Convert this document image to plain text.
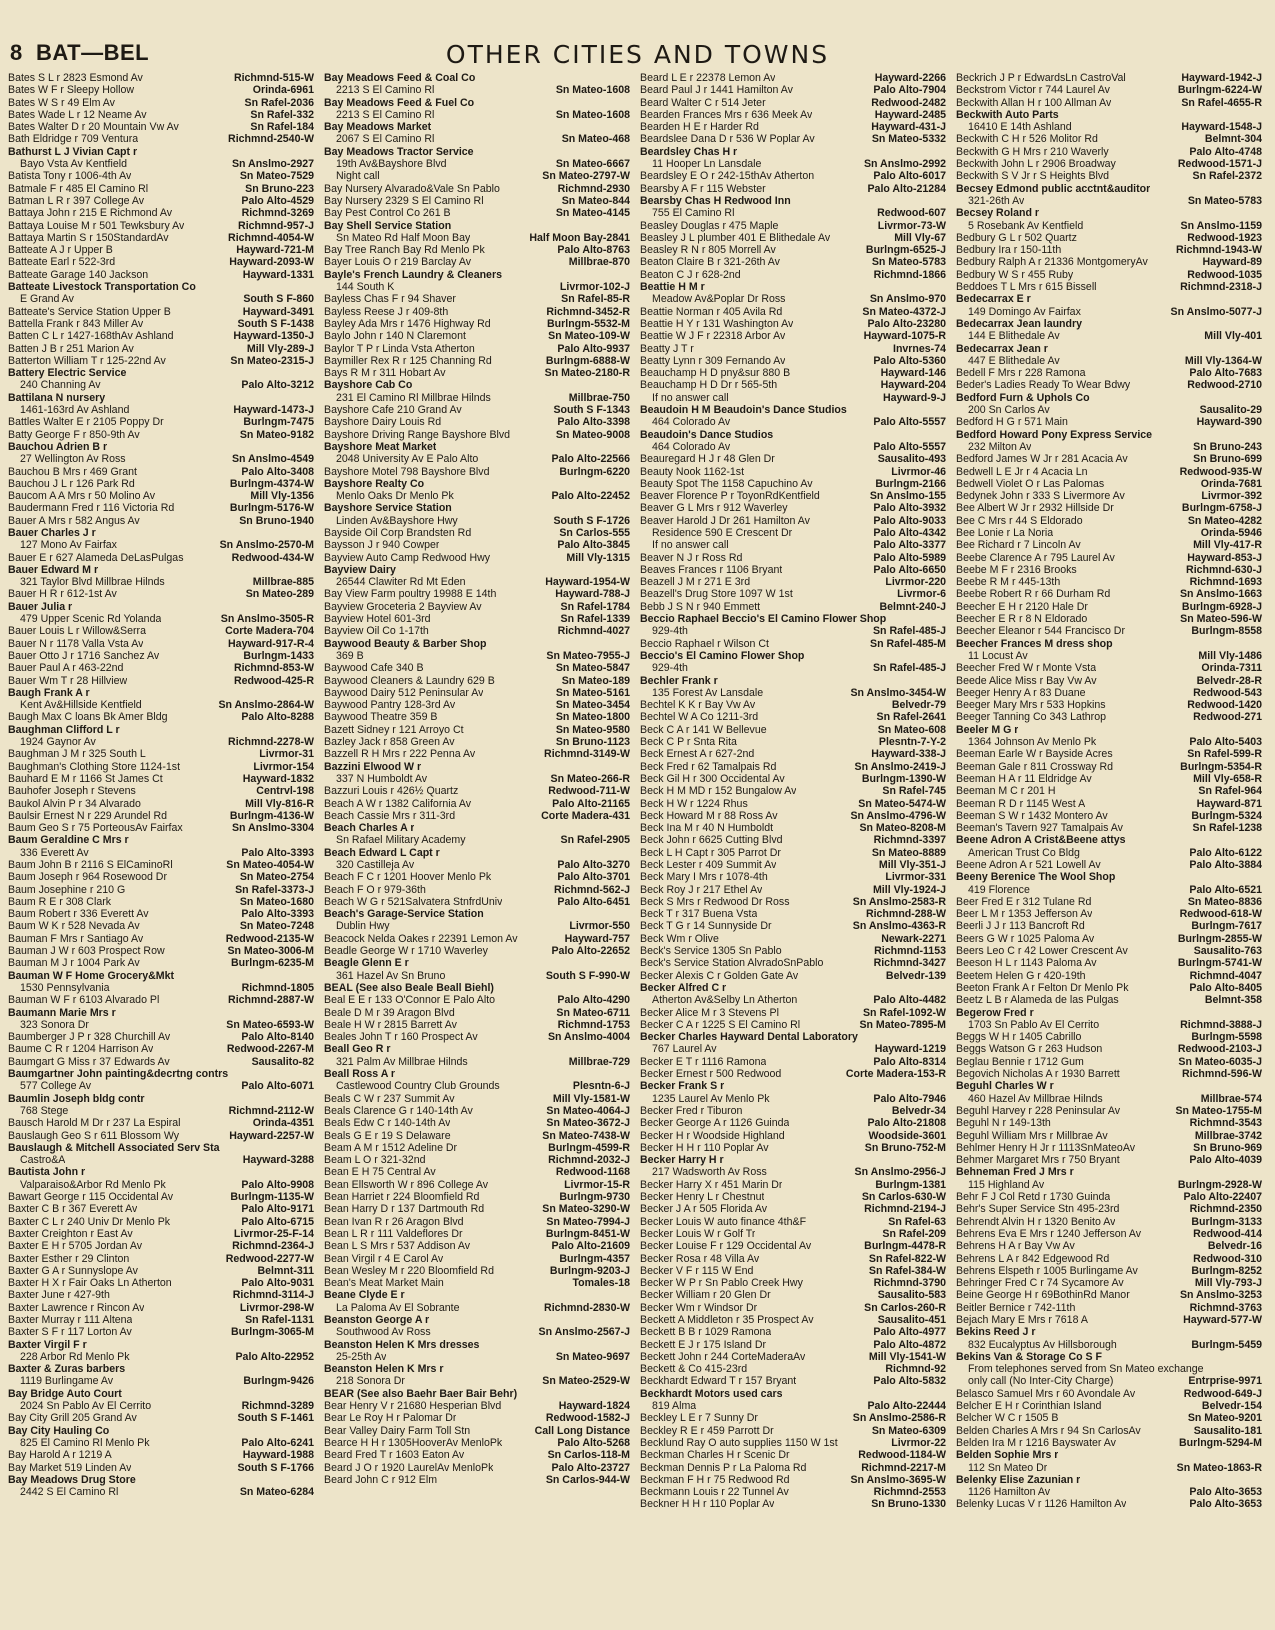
8 BAT—BEL	OTHER CITIES AND TOWNS
Bates S L r 2823 Esmond Av	Richmnd-515-W
Bates W F r Sleepy Hollow	Orinda-6961
Bates W S r 49 Elm Av	Sn Rafel-2036
Bates Wade L r 12 Neame Av	Sn Rafel-332
Bates Walter D r 20 Mountain Vw Av	Sn Rafel-184
Bath Eldridge r 709 Ventura	Richmnd-2540-W
Bathurst L J Vivian Capt r
Bayo Vsta Av Kentfield	Sn Anslmo-2927
Batista Tony r 1006-4th Av	Sn Mateo-7529
Batmale F r 485 El Camino Rl	Sn Bruno-223
Batman L R r 397 College Av	Palo Alto-4529
Battaya John r 215 E Richmond Av	Richmnd-3269
Battaya Louise M r 501 Tewksbury Av	Richmnd-957-J
Battaya Martin S r 150StandardAv	Richmnd-4054-W
Batteate A J r Upper B	Hayward-721-M
Batteate Earl r 522-3rd	Hayward-2093-W
Batteate Garage 140 Jackson	Hayward-1331
Batteate Livestock Transportation Co
E Grand Av	South S F-860
Batteate's Service Station Upper B	Hayward-3491
Battella Frank r 843 Miller Av	South S F-1438
Batten C L r 1427-168thAv Ashland	Hayward-1350-J
Batten J B r 251 Marion Av	Mill Vly-289-J
Batterton William T r 125-22nd Av	Sn Mateo-2315-J
Battery Electric Service
240 Channing Av	Palo Alto-3212
Battilana N nursery
1461-163rd Av Ashland	Hayward-1473-J
Battles Walter E r 2105 Poppy Dr	Burlngm-7475
Batty George F r 850-9th Av	Sn Mateo-9182
Bauchou Adrien B r
27 Wellington Av Ross	Sn Anslmo-4549
Bauchou B Mrs r 469 Grant	Palo Alto-3408
Bauchou J L r 126 Park Rd	Burlngm-4374-W
Baucom A A Mrs r 50 Molino Av	Mill Vly-1356
Baudermann Fred r 116 Victoria Rd	Burlngm-5176-W
Bauer A Mrs r 582 Angus Av	Sn Bruno-1940
Bauer Charles J r
127 Mono Av Fairfax	Sn Anslmo-2570-M
Bauer E r 627 Alameda DeLasPulgas	Redwood-434-W
Bauer Edward M r
321 Taylor Blvd Millbrae Hilnds	Millbrae-885
Bauer H R r 612-1st Av	Sn Mateo-289
Bauer Julia r
479 Upper Scenic Rd Yolanda	Sn Anslmo-3505-R
Bauer Louis L r Willow&Serra	Corte Madera-704
Bauer N r 1178 Valla Vsta Av	Hayward-917-R-4
Bauer Otto J r 1716 Sanchez Av	Burlngm-1433
Bauer Paul A r 463-22nd	Richmnd-853-W
Bauer Wm T r 28 Hillview	Redwood-425-R
Baugh Frank A r
Kent Av&Hillside Kentfield	Sn Anslmo-2864-W
Baugh Max C loans Bk Amer Bldg	Palo Alto-8288
Baughman Clifford L r
1924 Gaynor Av	Richmnd-2278-W
Baughman J M r 325 South L	Livrmor-31
Baughman's Clothing Store 1124-1st	Livrmor-154
Bauhard E M r 1166 St James Ct	Hayward-1832
Bauhofer Joseph r Stevens	Centrvl-198
Baukol Alvin P r 34 Alvarado	Mill Vly-816-R
Baulsir Ernest N r 229 Arundel Rd	Burlngm-4136-W
Baum Geo S r 75 PorteousAv Fairfax	Sn Anslmo-3304
Baum Geraldine C Mrs r
336 Everett Av	Palo Alto-3393
Baum John B r 2116 S ElCaminoRl	Sn Mateo-4054-W
Baum Joseph r 964 Rosewood Dr	Sn Mateo-2754
Baum Josephine r 210 G	Sn Rafel-3373-J
Baum R E r 308 Clark	Sn Mateo-1680
Baum Robert r 336 Everett Av	Palo Alto-3393
Baum W K r 528 Nevada Av	Sn Mateo-7248
Bauman F Mrs r Santiago Av	Redwood-2135-W
Bauman J W r 603 Prospect Row	Sn Mateo-3006-M
Bauman M J r 1004 Park Av	Burlngm-6235-M
Bauman W F Home Grocery&Mkt
1530 Pennsylvania	Richmnd-1805
Bauman W F r 6103 Alvarado Pl	Richmnd-2887-W
Baumann Marie Mrs r
323 Sonora Dr	Sn Mateo-6593-W
Baumberger J P r 328 Churchill Av	Palo Alto-8140
Baume C R r 1204 Harrison Av	Redwood-2267-M
Baumgart G Miss r 37 Edwards Av	Sausalito-82
Baumgartner John painting&decrtng contrs
577 College Av	Palo Alto-6071
Baumlin Joseph bldg contr
768 Stege	Richmnd-2112-W
Bausch Harold M Dr r 237 La Espiral	Orinda-4351
Bauslaugh Geo S r 611 Blossom Wy	Hayward-2257-W
Bauslaugh & Mitchell Associated Serv Sta
Castro&A	Hayward-3288
Bautista John r
Valparaiso&Arbor Rd Menlo Pk	Palo Alto-9908
Bawart George r 115 Occidental Av	Burlngm-1135-W
Baxter C B r 367 Everett Av	Palo Alto-9171
Baxter C L r 240 Univ Dr Menlo Pk	Palo Alto-6715
Baxter Creighton r East Av	Livrmor-25-F-14
Baxter E H r 5705 Jordan Av	Richmnd-2364-J
Baxter Esther r 29 Clinton	Redwood-2277-W
Baxter G A r Sunnyslope Av	Belmnt-311
Baxter H X r Fair Oaks Ln Atherton	Palo Alto-9031
Baxter June r 427-9th	Richmnd-3114-J
Baxter Lawrence r Rincon Av	Livrmor-298-W
Baxter Murray r 111 Altena	Sn Rafel-1131
Baxter S F r 117 Lorton Av	Burlngm-3065-M
Baxter Virgil F r
228 Arbor Rd Menlo Pk	Palo Alto-22952
Baxter & Zuras barbers
1119 Burlingame Av	Burlngm-9426
Bay Bridge Auto Court
2024 Sn Pablo Av El Cerrito	Richmnd-3289
Bay City Grill 205 Grand Av	South S F-1461
Bay City Hauling Co
825 El Camino Rl Menlo Pk	Palo Alto-6241
Bay Harold A r 1219 A	Hayward-1988
Bay Market 519 Linden Av	South S F-1766
Bay Meadows Drug Store
2442 S El Camino Rl	Sn Mateo-6284
Bay Meadows Feed & Coal Co
2213 S El Camino Rl	Sn Mateo-1608
Bay Meadows Feed & Fuel Co
2213 S El Camino Rl	Sn Mateo-1608
Bay Meadows Market
2067 S El Camino Rl	Sn Mateo-468
Bay Meadows Tractor Service
19th Av&Bayshore Blvd	Sn Mateo-6667
Night call	Sn Mateo-2797-W
Bay Nursery Alvarado&Vale Sn Pablo	Richmnd-2930
Bay Nursery 2329 S El Camino Rl	Sn Mateo-844
Bay Pest Control Co 261 B	Sn Mateo-4145
Bay Shell Service Station
Sn Mateo Rd Half Moon Bay	Half Moon Bay-2841
Bay Tree Ranch Bay Rd Menlo Pk	Palo Alto-8763
Bayer Louis O r 219 Barclay Av	Millbrae-870
Bayle's French Laundry & Cleaners
144 South K	Livrmor-102-J
Bayless Chas F r 94 Shaver	Sn Rafel-85-R
Bayless Reese J r 409-8th	Richmnd-3452-R
Bayley Ada Mrs r 1476 Highway Rd	Burlngm-5532-M
Baylo John r 140 N Claremont	Sn Mateo-109-W
Baylor T P r Linda Vsta Atherton	Palo Alto-9937
Baymiller Rex R r 125 Channing Rd	Burlngm-6888-W
Bays R M r 311 Hobart Av	Sn Mateo-2180-R
Bayshore Cab Co
231 El Camino Rl Millbrae Hilnds	Millbrae-750
Bayshore Cafe 210 Grand Av	South S F-1343
Bayshore Dairy Louis Rd	Palo Alto-3398
Bayshore Driving Range Bayshore Blvd	Sn Mateo-9008
Bayshore Meat Market
2048 University Av E Palo Alto	Palo Alto-22566
Bayshore Motel 798 Bayshore Blvd	Burlngm-6220
Bayshore Realty Co
Menlo Oaks Dr Menlo Pk	Palo Alto-22452
Bayshore Service Station
Linden Av&Bayshore Hwy	South S F-1726
Bayside Oil Corp Brandsten Rd	Sn Carlos-555
Baysson J r 940 Cowper	Palo Alto-3845
Bayview Auto Camp Redwood Hwy	Mill Vly-1315
Bayview Dairy
26544 Clawiter Rd Mt Eden	Hayward-1954-W
Bay View Farm poultry 19988 E 14th	Hayward-788-J
Bayview Groceteria 2 Bayview Av	Sn Rafel-1784
Bayview Hotel 601-3rd	Sn Rafel-1339
Bayview Oil Co 1-17th	Richmnd-4027
Baywood Beauty & Barber Shop
369 B	Sn Mateo-7955-J
Baywood Cafe 340 B	Sn Mateo-5847
Baywood Cleaners & Laundry 629 B	Sn Mateo-189
Baywood Dairy 512 Peninsular Av	Sn Mateo-5161
Baywood Pantry 128-3rd Av	Sn Mateo-3454
Baywood Theatre 359 B	Sn Mateo-1800
Bazett Sidney r 121 Arroyo Ct	Sn Mateo-9580
Bazley Jack r 858 Green Av	Sn Bruno-1123
Bazzell R H Mrs r 222 Penna Av	Richmnd-3149-W
Bazzini Elwood W r
337 N Humboldt Av	Sn Mateo-266-R
Bazzuri Louis r 426½ Quartz	Redwood-711-W
Beach A W r 1382 California Av	Palo Alto-21165
Beach Cassie Mrs r 311-3rd	Corte Madera-431
Beach Charles A r
Sn Rafael Military Academy	Sn Rafel-2905
Beach Edward L Capt r
320 Castilleja Av	Palo Alto-3270
Beach F C r 1201 Hoover Menlo Pk	Palo Alto-3701
Beach F O r 979-36th	Richmnd-562-J
Beach W G r 521Salvatera StnfrdUniv	Palo Alto-6451
Beach's Garage-Service Station
Dublin Hwy	Livrmor-550
Beacock Nelda Oakes r 22391 Lemon Av	Hayward-757
Beadle George W r 1710 Waverley	Palo Alto-22652
Beagle Glenn E r
361 Hazel Av Sn Bruno	South S F-990-W
BEAL (See also Beale Beall Biehl)
Beal E E r 133 O'Connor E Palo Alto	Palo Alto-4290
Beale D M r 39 Aragon Blvd	Sn Mateo-6711
Beale H W r 2815 Barrett Av	Richmnd-1753
Beales John T r 160 Prospect Av	Sn Anslmo-4004
Beall Geo R r
321 Palm Av Millbrae Hilnds	Millbrae-729
Beall Ross A r
Castlewood Country Club Grounds	Plesntn-6-J
Beals C W r 237 Summit Av	Mill Vly-1581-W
Beals Clarence G r 140-14th Av	Sn Mateo-4064-J
Beals Edw C r 140-14th Av	Sn Mateo-3672-J
Beals G E r 19 S Delaware	Sn Mateo-7438-W
Beam A M r 1512 Adeline Dr	Burlngm-4599-R
Beam L O r 321-32nd	Richmnd-2032-J
Bean E H 75 Central Av	Redwood-1168
Bean Ellsworth W r 896 College Av	Livrmor-15-R
Bean Harriet r 224 Bloomfield Rd	Burlngm-9730
Bean Harry D r 137 Dartmouth Rd	Sn Mateo-3290-W
Bean Ivan R r 26 Aragon Blvd	Sn Mateo-7994-J
Bean L R r 111 Valdeflores Dr	Burlngm-8451-W
Bean L S Mrs r 537 Addison Av	Palo Alto-21609
Bean Virgil r 4 E Carol Av	Burlngm-4357
Bean Wesley M r 220 Bloomfield Rd	Burlngm-9203-J
Bean's Meat Market Main	Tomales-18
Beane Clyde E r
La Paloma Av El Sobrante	Richmnd-2830-W
Beanston George A r
Southwood Av Ross	Sn Anslmo-2567-J
Beanston Helen K Mrs dresses
25-25th Av	Sn Mateo-9697
Beanston Helen K Mrs r
218 Sonora Dr	Sn Mateo-2529-W
BEAR (See also Baehr Baer Bair Behr)
Bear Henry V r 21680 Hesperian Blvd	Hayward-1824
Bear Le Roy H r Palomar Dr	Redwood-1582-J
Bear Valley Dairy Farm Toll Stn	Call Long Distance
Bearce H H r 1305HooverAv MenloPk	Palo Alto-5268
Beard Fred T r 1603 Eaton Av	Sn Carlos-118-M
Beard J O r 1920 LaurelAv MenloPk	Palo Alto-23727
Beard John C r 912 Elm	Sn Carlos-944-W
Beard L E r 22378 Lemon Av	Hayward-2266
Beard Paul J r 1441 Hamilton Av	Palo Alto-7904
Beard Walter C r 514 Jeter	Redwood-2482
Bearden Frances Mrs r 636 Meek Av	Hayward-2485
Bearden H E r Harder Rd	Hayward-431-J
Beardslee Dana D r 536 W Poplar Av	Sn Mateo-5332
Beardsley Chas H r
11 Hooper Ln Lansdale	Sn Anslmo-2992
Beardsley E O r 242-15thAv Atherton	Palo Alto-6017
Bearsby A F r 115 Webster	Palo Alto-21284
Bearsby Chas H Redwood Inn
755 El Camino Rl	Redwood-607
Beasley Douglas r 475 Maple	Livrmor-73-W
Beasley J L plumber 401 E Blithedale Av	Mill Vly-67
Beasley R N r 805 Morrell Av	Burlngm-6525-J
Beaton Claire B r 321-26th Av	Sn Mateo-5783
Beaton C J r 628-2nd	Richmnd-1866
Beattie H M r
Meadow Av&Poplar Dr Ross	Sn Anslmo-970
Beattie Norman r 405 Avila Rd	Sn Mateo-4372-J
Beattie H Y r 131 Washington Av	Palo Alto-23280
Beattie W J F r 22318 Arbor Av	Hayward-1075-R
Beatty J T r	Invrnes-74
Beatty Lynn r 309 Fernando Av	Palo Alto-5360
Beauchamp H D pny&sur 880 B	Hayward-146
Beauchamp H D Dr r 565-5th	Hayward-204
If no answer call	Hayward-9-J
Beaudoin H M Beaudoin's Dance Studios
464 Colorado Av	Palo Alto-5557
Beaudoin's Dance Studios
464 Colorado Av	Palo Alto-5557
Beauregard H J r 48 Glen Dr	Sausalito-493
Beauty Nook 1162-1st	Livrmor-46
Beauty Spot The 1158 Capuchino Av	Burlngm-2166
Beaver Florence P r ToyonRdKentfield	Sn Anslmo-155
Beaver G L Mrs r 912 Waverley	Palo Alto-3932
Beaver Harold J Dr 261 Hamilton Av	Palo Alto-9033
Residence 590 E Crescent Dr	Palo Alto-4342
If no answer call	Palo Alto-3377
Beaver N J r Ross Rd	Palo Alto-5989
Beaves Frances r 1106 Bryant	Palo Alto-6650
Beazell J M r 271 E 3rd	Livrmor-220
Beazell's Drug Store 1097 W 1st	Livrmor-6
Bebb J S N r 940 Emmett	Belmnt-240-J
Beccio Raphael Beccio's El Camino Flower Shop
929-4th	Sn Rafel-485-J
Beccio Raphael r Wilson Ct	Sn Rafel-485-M
Beccio's El Camino Flower Shop
929-4th	Sn Rafel-485-J
Bechler Frank r
135 Forest Av Lansdale	Sn Anslmo-3454-W
Bechtel K K r Bay Vw Av	Belvedr-79
Bechtel W A Co 1211-3rd	Sn Rafel-2641
Beck C A r 141 W Bellevue	Sn Mateo-608
Beck C P r Snta Rita	Plesntn-7-Y-2
Beck Ernest A r 627-2nd	Hayward-338-J
Beck Fred r 62 Tamalpais Rd	Sn Anslmo-2419-J
Beck Gil H r 300 Occidental Av	Burlngm-1390-W
Beck H M MD r 152 Bungalow Av	Sn Rafel-745
Beck H W r 1224 Rhus	Sn Mateo-5474-W
Beck Howard M r 88 Ross Av	Sn Anslmo-4796-W
Beck Ina M r 40 N Humboldt	Sn Mateo-8208-M
Beck John r 6625 Cutting Blvd	Richmnd-3397
Beck L H Capt r 305 Parrot Dr	Sn Mateo-8889
Beck Lester r 409 Summit Av	Mill Vly-351-J
Beck Mary I Mrs r 1078-4th	Livrmor-331
Beck Roy J r 217 Ethel Av	Mill Vly-1924-J
Beck S Mrs r Redwood Dr Ross	Sn Anslmo-2583-R
Beck T r 317 Buena Vsta	Richmnd-288-W
Beck T G r 14 Sunnyside Dr	Sn Anslmo-4363-R
Beck Wm r Olive	Newark-2271
Beck's Service 1305 Sn Pablo	Richmnd-1153
Beck's Service Station AlvradoSnPablo	Richmnd-3427
Becker Alexis C r Golden Gate Av	Belvedr-139
Becker Alfred C r
Atherton Av&Selby Ln Atherton	Palo Alto-4482
Becker Alice M r 3 Stevens Pl	Sn Rafel-1092-W
Becker C A r 1225 S El Camino Rl	Sn Mateo-7895-M
Becker Charles Hayward Dental Laboratory
767 Laurel Av	Hayward-1219
Becker E T r 1116 Ramona	Palo Alto-8314
Becker Ernest r 500 Redwood	Corte Madera-153-R
Becker Frank S r
1235 Laurel Av Menlo Pk	Palo Alto-7946
Becker Fred r Tiburon	Belvedr-34
Becker George A r 1126 Guinda	Palo Alto-21808
Becker H r Woodside Highland	Woodside-3601
Becker H H r 110 Poplar Av	Sn Bruno-752-M
Becker Harry H r
217 Wadsworth Av Ross	Sn Anslmo-2956-J
Becker Harry X r 451 Marin Dr	Burlngm-1381
Becker Henry L r Chestnut	Sn Carlos-630-W
Becker J A r 505 Florida Av	Richmnd-2194-J
Becker Louis W auto finance 4th&F	Sn Rafel-63
Becker Louis W r Golf Tr	Sn Rafel-209
Becker Louise F r 129 Occidental Av	Burlngm-4478-R
Becker Rosa r 48 Villa Av	Sn Rafel-822-W
Becker V F r 115 W End	Sn Rafel-384-W
Becker W P r Sn Pablo Creek Hwy	Richmnd-3790
Becker William r 20 Glen Dr	Sausalito-583
Becker Wm r Windsor Dr	Sn Carlos-260-R
Beckett A Middleton r 35 Prospect Av	Sausalito-451
Beckett B B r 1029 Ramona	Palo Alto-4977
Beckett E J r 175 Island Dr	Palo Alto-4872
Beckett John r 244 CorteMaderaAv	Mill Vly-1541-W
Beckett & Co 415-23rd	Richmnd-92
Beckhardt Edward T r 157 Bryant	Palo Alto-5832
Beckhardt Motors used cars
819 Alma	Palo Alto-22444
Beckley L E r 7 Sunny Dr	Sn Anslmo-2586-R
Beckley R E r 459 Parrott Dr	Sn Mateo-6309
Becklund Ray O auto supplies 1150 W 1st	Livrmor-22
Beckman Charles H r Scenic Dr	Redwood-1184-W
Beckman Dennis P r La Paloma Rd	Richmnd-2217-M
Beckman F H r 75 Redwood Rd	Sn Anslmo-3695-W
Beckmann Louis r 22 Tunnel Av	Richmnd-2553
Beckner H H r 110 Poplar Av	Sn Bruno-1330
Beckrich J P r EdwardsLn CastroVal	Hayward-1942-J
Beckstrom Victor r 744 Laurel Av	Burlngm-6224-W
Beckwith Allan H r 100 Allman Av	Sn Rafel-4655-R
Beckwith Auto Parts
16410 E 14th Ashland	Hayward-1548-J
Beckwith C H r 526 Molitor Rd	Belmnt-304
Beckwith G H Mrs r 210 Waverly	Palo Alto-4748
Beckwith John L r 2906 Broadway	Redwood-1571-J
Beckwith S V Jr r S Heights Blvd	Sn Rafel-2372
Becsey Edmond public acctnt&auditor
321-26th Av	Sn Mateo-5783
Becsey Roland r
5 Rosebank Av Kentfield	Sn Anslmo-1159
Bedbury G L r 502 Quartz	Redwood-1923
Bedbury Ira r 150-11th	Richmnd-1943-W
Bedbury Ralph A r 21336 MontgomeryAv	Hayward-89
Bedbury W S r 455 Ruby	Redwood-1035
Beddoes T L Mrs r 615 Bissell	Richmnd-2318-J
Bedecarrax E r
149 Domingo Av Fairfax	Sn Anslmo-5077-J
Bedecarrax Jean laundry
144 E Blithedale Av	Mill Vly-401
Bedecarrax Jean r
447 E Blithedale Av	Mill Vly-1364-W
Bedell F Mrs r 228 Ramona	Palo Alto-7683
Beder's Ladies Ready To Wear Bdwy	Redwood-2710
Bedford Furn & Uphols Co
200 Sn Carlos Av	Sausalito-29
Bedford H G r 571 Main	Hayward-390
Bedford Howard Pony Express Service
232 Milton Av	Sn Bruno-243
Bedford James W Jr r 281 Acacia Av	Sn Bruno-699
Bedwell L E Jr r 4 Acacia Ln	Redwood-935-W
Bedwell Violet O r Las Palomas	Orinda-7681
Bedynek John r 333 S Livermore Av	Livrmor-392
Bee Albert W Jr r 2932 Hillside Dr	Burlngm-6758-J
Bee C Mrs r 44 S Eldorado	Sn Mateo-4282
Bee Lonie r La Noria	Orinda-5946
Bee Richard r 7 Lincoln Av	Mill Vly-417-R
Beebe Clarence A r 795 Laurel Av	Hayward-853-J
Beebe M F r 2316 Brooks	Richmnd-630-J
Beebe R M r 445-13th	Richmnd-1693
Beebe Robert R r 66 Durham Rd	Sn Anslmo-1663
Beecher E H r 2120 Hale Dr	Burlngm-6928-J
Beecher E R r 8 N Eldorado	Sn Mateo-596-W
Beecher Eleanor r 544 Francisco Dr	Burlngm-8558
Beecher Frances M dress shop
11 Locust Av	Mill Vly-1486
Beecher Fred W r Monte Vsta	Orinda-7311
Beede Alice Miss r Bay Vw Av	Belvedr-28-R
Beeger Henry A r 83 Duane	Redwood-543
Beeger Mary Mrs r 533 Hopkins	Redwood-1420
Beeger Tanning Co 343 Lathrop	Redwood-271
Beeler M G r
1364 Johnson Av Menlo Pk	Palo Alto-5403
Beeman Earle W r Bayside Acres	Sn Rafel-599-R
Beeman Gale r 811 Crossway Rd	Burlngm-5354-R
Beeman H A r 11 Eldridge Av	Mill Vly-658-R
Beeman M C r 201 H	Sn Rafel-964
Beeman R D r 1145 West A	Hayward-871
Beeman S W r 1432 Montero Av	Burlngm-5324
Beeman's Tavern 927 Tamalpais Av	Sn Rafel-1238
Beene Adron A Crist&Beene attys
American Trust Co Bldg	Palo Alto-6122
Beene Adron A r 521 Lowell Av	Palo Alto-3884
Beeny Berenice The Wool Shop
419 Florence	Palo Alto-6521
Beer Fred E r 312 Tulane Rd	Sn Mateo-8836
Beer L M r 1353 Jefferson Av	Redwood-618-W
Beerli J J r 113 Bancroft Rd	Burlngm-7617
Beers G W r 1025 Paloma Av	Burlngm-2855-W
Beers Leo C r 42 Lower Crescent Av	Sausalito-763
Beeson H L r 1143 Paloma Av	Burlngm-5741-W
Beetem Helen G r 420-19th	Richmnd-4047
Beeton Frank A r Felton Dr Menlo Pk	Palo Alto-8405
Beetz L B r Alameda de las Pulgas	Belmnt-358
Begerow Fred r
1703 Sn Pablo Av El Cerrito	Richmnd-3888-J
Beggs W H r 1405 Cabrillo	Burlngm-5598
Beggs Watson G r 263 Hudson	Redwood-2103-J
Beglau Bennie r 1712 Gum	Sn Mateo-6035-J
Begovich Nicholas A r 1930 Barrett	Richmnd-596-W
Beguhl Charles W r
460 Hazel Av Millbrae Hilnds	Millbrae-574
Beguhl Harvey r 228 Peninsular Av	Sn Mateo-1755-M
Beguhl N r 149-13th	Richmnd-3543
Beguhl William Mrs r Millbrae Av	Millbrae-3742
Behlmer Henry H Jr r 1113SnMateoAv	Sn Bruno-969
Behmer Margaret Mrs r 750 Bryant	Palo Alto-4039
Behneman Fred J Mrs r
115 Highland Av	Burlngm-2928-W
Behr F J Col Retd r 1730 Guinda	Palo Alto-22407
Behr's Super Service Stn 495-23rd	Richmnd-2350
Behrendt Alvin H r 1320 Benito Av	Burlngm-3133
Behrens Eva E Mrs r 1240 Jefferson Av	Redwood-414
Behrens H A r Bay Vw Av	Belvedr-16
Behrens L A r 842 Edgewood Rd	Redwood-310
Behrens Elspeth r 1005 Burlingame Av	Burlngm-8252
Behringer Fred C r 74 Sycamore Av	Mill Vly-793-J
Beine George H r 69BothinRd Manor	Sn Anslmo-3253
Beitler Bernice r 742-11th	Richmnd-3763
Bejach Mary E Mrs r 7618 A	Hayward-577-W
Bekins Reed J r
832 Eucalyptus Av Hillsborough	Burlngm-5459
Bekins Van & Storage Co S F
From telephones served from Sn Mateo exchange
only call (No Inter-City Charge)	Entrprise-9971
Belasco Samuel Mrs r 60 Avondale Av	Redwood-649-J
Belcher E H r Corinthian Island	Belvedr-154
Belcher W C r 1505 B	Sn Mateo-9201
Belden Charles A Mrs r 94 Sn CarlosAv	Sausalito-181
Belden Ira M r 1216 Bayswater Av	Burlngm-5294-M
Belden Sophie Mrs r
112 Sn Mateo Dr	Sn Mateo-1863-R
Belenky Elise Zazunian r
1126 Hamilton Av	Palo Alto-3653
Belenky Lucas V r 1126 Hamilton Av	Palo Alto-3653
